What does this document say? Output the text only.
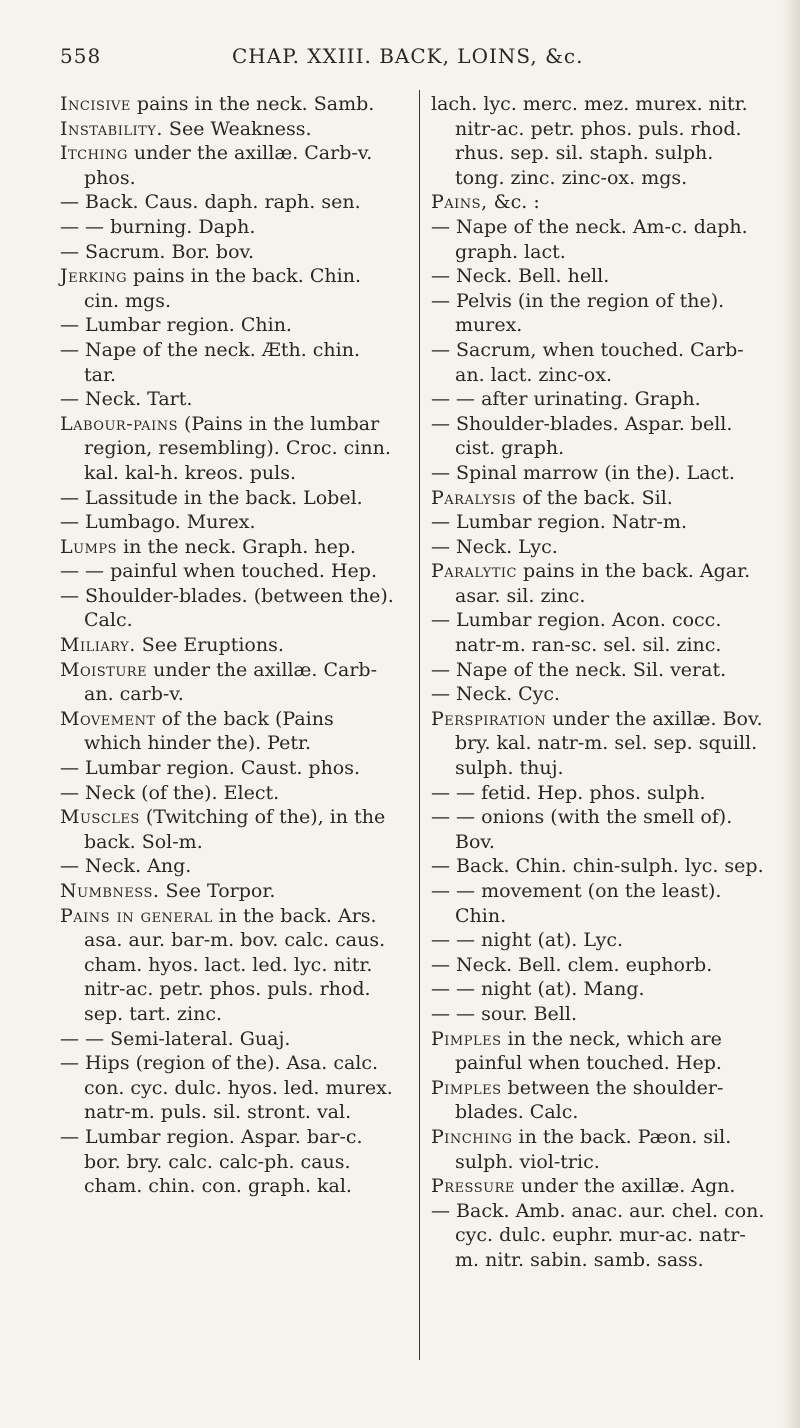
558	CHAP. XXIII. BACK, LOINS, &c.
Incisive pains in the neck. Samb.
Instability. See Weakness.
Itching under the axillæ. Carb-v. phos.
— Back. Caus. daph. raph. sen.
— — burning. Daph.
— Sacrum. Bor. bov.
Jerking pains in the back. Chin. cin. mgs.
— Lumbar region. Chin.
— Nape of the neck. Æth. chin. tar.
— Neck. Tart.
Labour-pains (Pains in the lumbar region, resembling). Croc. cinn. kal. kal-h. kreos. puls.
— Lassitude in the back. Lobel.
— Lumbago. Murex.
Lumps in the neck. Graph. hep.
— — painful when touched. Hep.
— Shoulder-blades. (between the). Calc.
Miliary. See Eruptions.
Moisture under the axillæ. Carb-an. carb-v.
Movement of the back (Pains which hinder the). Petr.
— Lumbar region. Caust. phos.
— Neck (of the). Elect.
Muscles (Twitching of the), in the back. Sol-m.
— Neck. Ang.
Numbness. See Torpor.
Pains in general in the back. Ars. asa. aur. bar-m. bov. calc. caus. cham. hyos. lact. led. lyc. nitr. nitr-ac. petr. phos. puls. rhod. sep. tart. zinc.
— — Semi-lateral. Guaj.
— Hips (region of the). Asa. calc. con. cyc. dulc. hyos. led. murex. natr-m. puls. sil. stront. val.
— Lumbar region. Aspar. bar-c. bor. bry. calc. calc-ph. caus. cham. chin. con. graph. kal.
lach. lyc. merc. mez. murex. nitr. nitr-ac. petr. phos. puls. rhod. rhus. sep. sil. staph. sulph. tong. zinc. zinc-ox. mgs.
Pains, &c. :
— Nape of the neck. Am-c. daph. graph. lact.
— Neck. Bell. hell.
— Pelvis (in the region of the). murex.
— Sacrum, when touched. Carb-an. lact. zinc-ox.
— — after urinating. Graph.
— Shoulder-blades. Aspar. bell. cist. graph.
— Spinal marrow (in the). Lact.
Paralysis of the back. Sil.
— Lumbar region. Natr-m.
— Neck. Lyc.
Paralytic pains in the back. Agar. asar. sil. zinc.
— Lumbar region. Acon. cocc. natr-m. ran-sc. sel. sil. zinc.
— Nape of the neck. Sil. verat.
— Neck. Cyc.
Perspiration under the axillæ. Bov. bry. kal. natr-m. sel. sep. squill. sulph. thuj.
— — fetid. Hep. phos. sulph.
— — onions (with the smell of). Bov.
— Back. Chin. chin-sulph. lyc. sep.
— — movement (on the least). Chin.
— — night (at). Lyc.
— Neck. Bell. clem. euphorb.
— — night (at). Mang.
— — sour. Bell.
Pimples in the neck, which are painful when touched. Hep.
Pimples between the shoulder-blades. Calc.
Pinching in the back. Pæon. sil. sulph. viol-tric.
Pressure under the axillæ. Agn.
— Back. Amb. anac. aur. chel. con. cyc. dulc. euphr. mur-ac. natr-m. nitr. sabin. samb. sass.
